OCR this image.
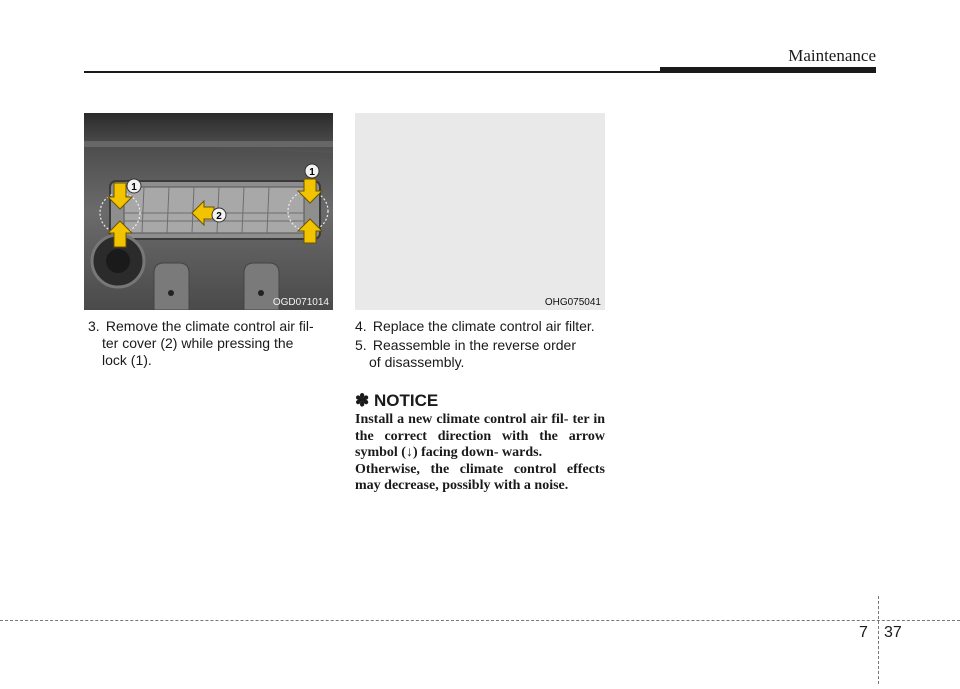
Maintenance
1
1
2
OGD071014	OHG075041
3. Remove the climate control air fil-
ter cover (2) while pressing the
lock (1).
4. Replace the climate control air filter.
5. Reassemble in the reverse order
of disassembly.
✽ NOTICE

Install a new climate control air fil- ter in the correct direction with the arrow symbol (↓) facing down- wards.

Otherwise, the climate control effects may decrease, possibly with a noise.

7 37
